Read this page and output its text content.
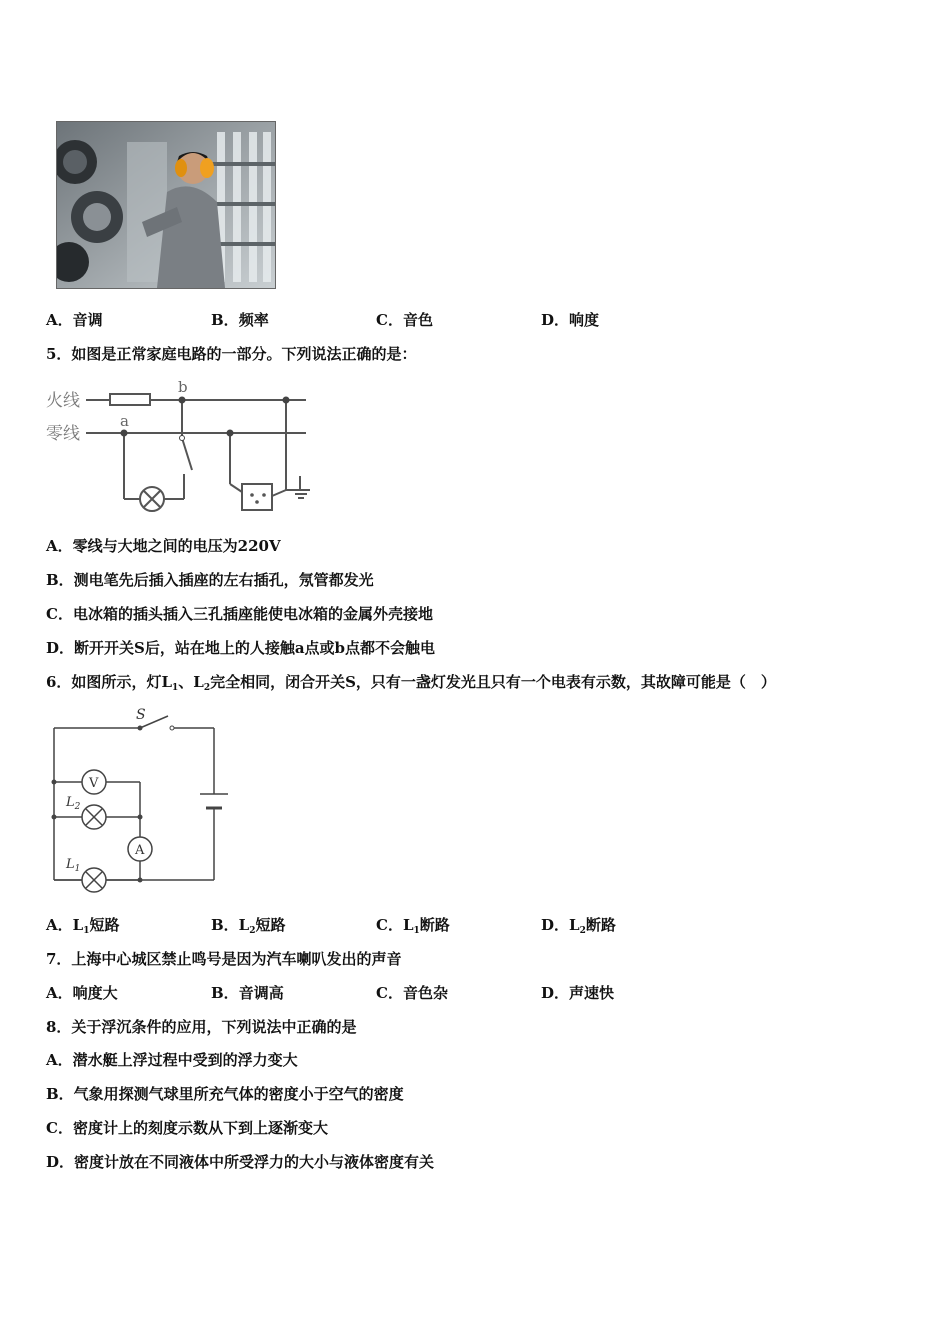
A．音调	B．频率	C．音色	D．响度
5．如图是正常家庭电路的一部分。下列说法正确的是：
火线
零线
a
b
A．零线与大地之间的电压为220V
B．测电笔先后插入插座的左右插孔，氖管都发光
C．电冰箱的插头插入三孔插座能使电冰箱的金属外壳接地
D．断开开关S后，站在地上的人接触a点或b点都不会触电
6．如图所示，灯$L_1$、$L_2$完全相同，闭合开关S，只有一盏灯发光且只有一个电表有示数，其故障可能是（　）
V
A
S
$L_2$
$L_1$
A．$L_1$短路	B．$L_2$短路	C．$L_1$断路	D．$L_2$断路
7．上海中心城区禁止鸣号是因为汽车喇叭发出的声音
A．响度大	B．音调高	C．音色杂	D．声速快
8．关于浮沉条件的应用，下列说法中正确的是
A．潜水艇上浮过程中受到的浮力变大
B．气象用探测气球里所充气体的密度小于空气的密度
C．密度计上的刻度示数从下到上逐渐变大
D．密度计放在不同液体中所受浮力的大小与液体密度有关
